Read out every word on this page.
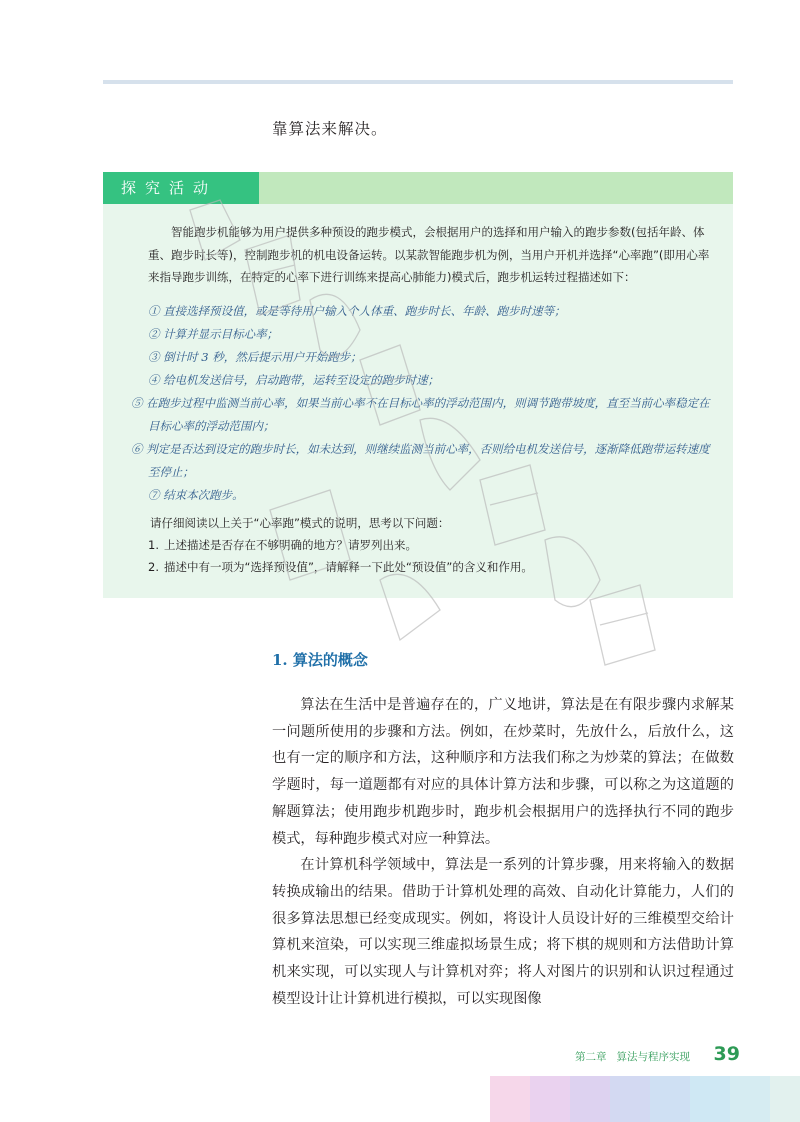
靠算法来解决。
探究活动
智能跑步机能够为用户提供多种预设的跑步模式，会根据用户的选择和用户输入的跑步参数(包括年龄、体重、跑步时长等)，控制跑步机的机电设备运转。以某款智能跑步机为例，当用户开机并选择“心率跑”(即用心率来指导跑步训练，在特定的心率下进行训练来提高心肺能力)模式后，跑步机运转过程描述如下：
① 直接选择预设值，或是等待用户输入个人体重、跑步时长、年龄、跑步时速等；
② 计算并显示目标心率；
③ 倒计时 3 秒，然后提示用户开始跑步；
④ 给电机发送信号，启动跑带，运转至设定的跑步时速；
⑤ 在跑步过程中监测当前心率，如果当前心率不在目标心率的浮动范围内，则调节跑带坡度，直至当前心率稳定在目标心率的浮动范围内；
⑥ 判定是否达到设定的跑步时长，如未达到，则继续监测当前心率，否则给电机发送信号，逐渐降低跑带运转速度至停止；
⑦ 结束本次跑步。
请仔细阅读以上关于“心率跑”模式的说明，思考以下问题：
1. 上述描述是否存在不够明确的地方？请罗列出来。
2. 描述中有一项为“选择预设值”，请解释一下此处“预设值”的含义和作用。
1. 算法的概念

算法在生活中是普遍存在的，广义地讲，算法是在有限步骤内求解某一问题所使用的步骤和方法。例如，在炒菜时，先放什么，后放什么，这也有一定的顺序和方法，这种顺序和方法我们称之为炒菜的算法；在做数学题时，每一道题都有对应的具体计算方法和步骤，可以称之为这道题的解题算法；使用跑步机跑步时，跑步机会根据用户的选择执行不同的跑步模式，每种跑步模式对应一种算法。

在计算机科学领域中，算法是一系列的计算步骤，用来将输入的数据转换成输出的结果。借助于计算机处理的高效、自动化计算能力，人们的很多算法思想已经变成现实。例如，将设计人员设计好的三维模型交给计算机来渲染，可以实现三维虚拟场景生成；将下棋的规则和方法借助计算机来实现，可以实现人与计算机对弈；将人对图片的识别和认识过程通过模型设计让计算机进行模拟，可以实现图像

第二章 算法与程序实现 39
